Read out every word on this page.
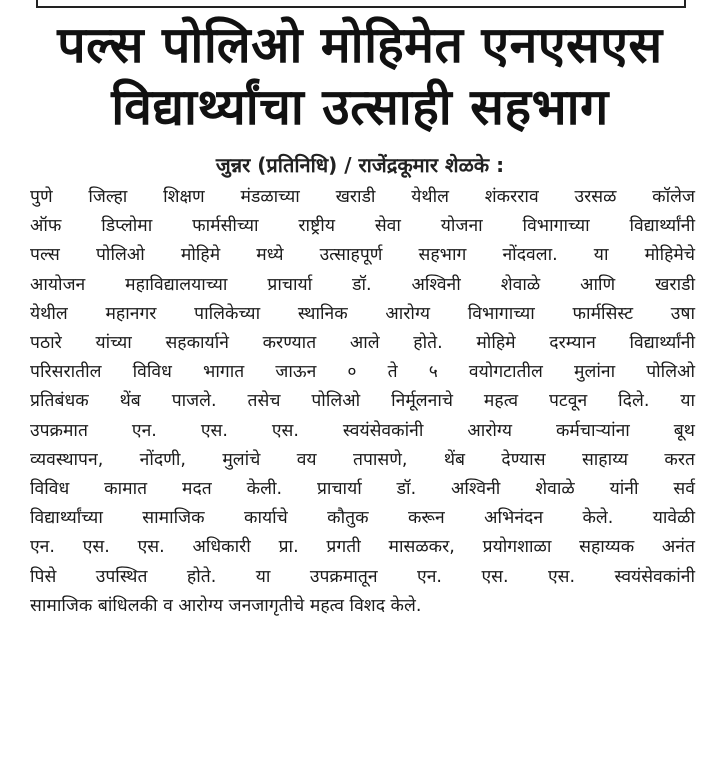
पल्स पोलिओ मोहिमेत एनएसएस
विद्यार्थ्यांचा उत्साही सहभाग
जुन्नर (प्रतिनिधि) / राजेंद्रकूमार शेळके :
पुणे जिल्हा शिक्षण मंडळाच्या खराडी येथील शंकरराव उरसळ कॉलेज
ऑफ डिप्लोमा फार्मसीच्या राष्ट्रीय सेवा योजना विभागाच्या विद्यार्थ्यांनी
पल्स पोलिओ मोहिमे मध्ये उत्साहपूर्ण सहभाग नोंदवला. या मोहिमेचे
आयोजन महाविद्यालयाच्या प्राचार्या डॉ. अश्विनी शेवाळे आणि खराडी
येथील महानगर पालिकेच्या स्थानिक आरोग्य विभागाच्या फार्मसिस्ट उषा
पठारे यांच्या सहकार्याने करण्यात आले होते. मोहिमे दरम्यान विद्यार्थ्यांनी
परिसरातील विविध भागात जाऊन ० ते ५ वयोगटातील मुलांना पोलिओ
प्रतिबंधक थेंब पाजले. तसेच पोलिओ निर्मूलनाचे महत्व पटवून दिले. या
उपक्रमात एन. एस. एस. स्वयंसेवकांनी आरोग्य कर्मचाऱ्यांना बूथ
व्यवस्थापन, नोंदणी, मुलांचे वय तपासणे, थेंब देण्यास साहाय्य करत
विविध कामात मदत केली. प्राचार्या डॉ. अश्विनी शेवाळे यांनी सर्व
विद्यार्थ्यांच्या सामाजिक कार्याचे कौतुक करून अभिनंदन केले. यावेळी
एन. एस. एस. अधिकारी प्रा. प्रगती मासळकर, प्रयोगशाळा सहाय्यक अनंत
पिसे उपस्थित होते. या उपक्रमातून एन. एस. एस. स्वयंसेवकांनी
सामाजिक बांधिलकी व आरोग्य जनजागृतीचे महत्व विशद केले.
